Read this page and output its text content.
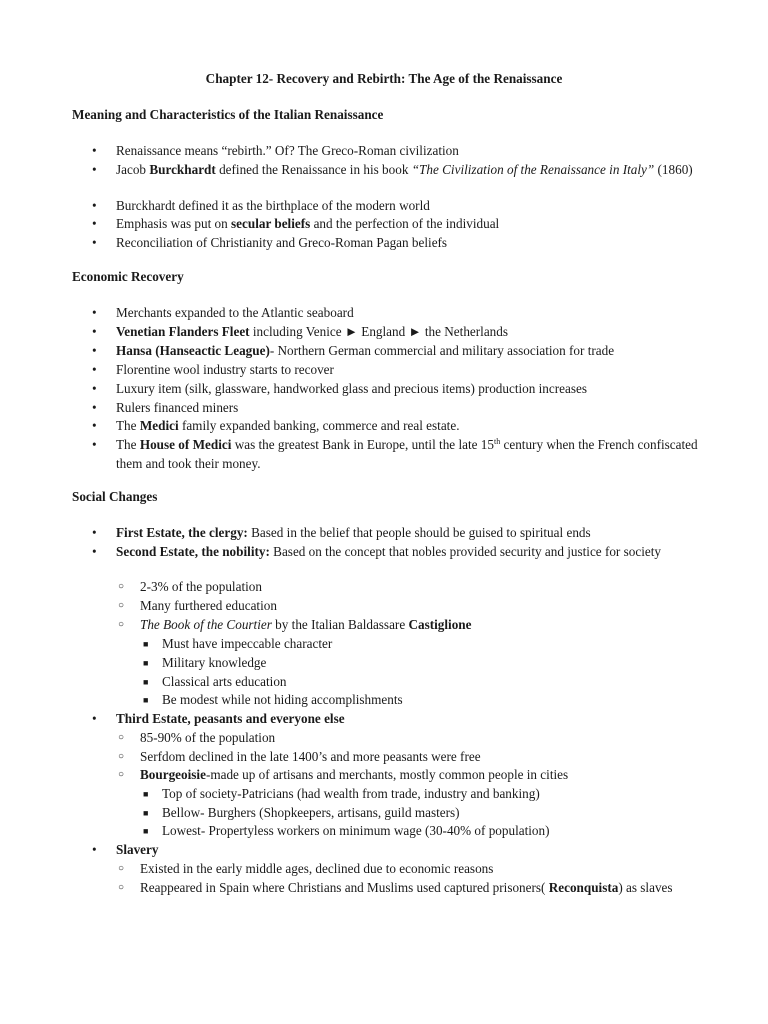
Chapter 12- Recovery and Rebirth: The Age of the Renaissance
Meaning and Characteristics of the Italian Renaissance
• Renaissance means “rebirth.” Of? The Greco-Roman civilization
• Jacob Burckhardt defined the Renaissance in his book “The Civilization of the Renaissance in Italy” (1860)
• Burckhardt defined it as the birthplace of the modern world
• Emphasis was put on secular beliefs and the perfection of the individual
• Reconciliation of Christianity and Greco-Roman Pagan beliefs
Economic Recovery
• Merchants expanded to the Atlantic seaboard
• Venetian Flanders Fleet including Venice ► England ► the Netherlands
• Hansa (Hanseactic League)- Northern German commercial and military association for trade
• Florentine wool industry starts to recover
• Luxury item (silk, glassware, handworked glass and precious items) production increases
• Rulers financed miners
• The Medici family expanded banking, commerce and real estate.
• The House of Medici was the greatest Bank in Europe, until the late 15th century when the French confiscated them and took their money.
Social Changes
• First Estate, the clergy: Based in the belief that people should be guised to spiritual ends
• Second Estate, the nobility: Based on the concept that nobles provided security and justice for society
○ 2-3% of the population
○ Many furthered education
○ The Book of the Courtier by the Italian Baldassare Castiglione
■ Must have impeccable character
■ Military knowledge
■ Classical arts education
■ Be modest while not hiding accomplishments
• Third Estate, peasants and everyone else
○ 85-90% of the population
○ Serfdom declined in the late 1400’s and more peasants were free
○ Bourgeoisie-made up of artisans and merchants, mostly common people in cities
■ Top of society-Patricians (had wealth from trade, industry and banking)
■ Bellow- Burghers (Shopkeepers, artisans, guild masters)
■ Lowest- Propertyless workers on minimum wage (30-40% of population)
• Slavery
○ Existed in the early middle ages, declined due to economic reasons
○ Reappeared in Spain where Christians and Muslims used captured prisoners( Reconquista) as slaves
